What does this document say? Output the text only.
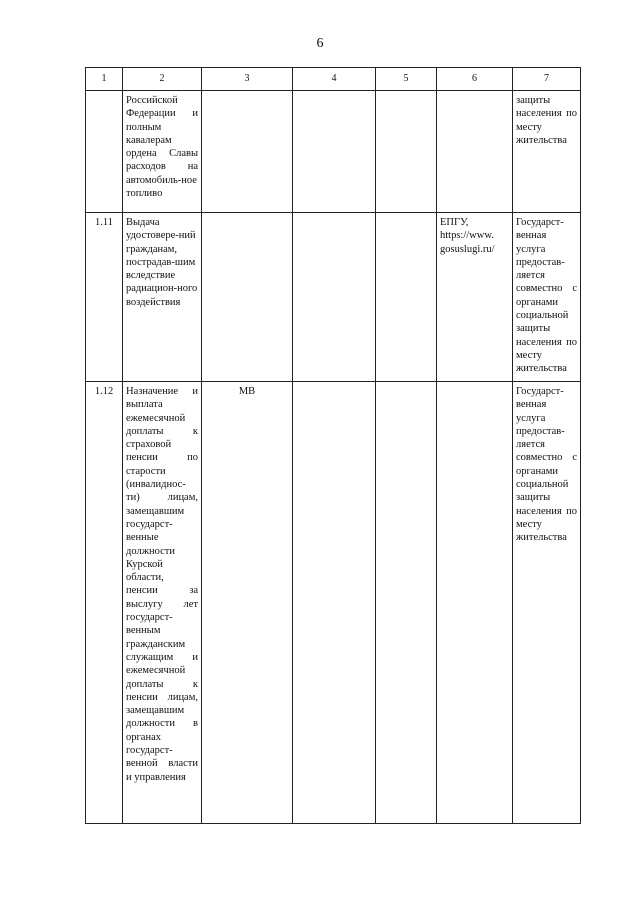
6
1	2	3	4	5	6	7
	Российской Федерации и полным кавалерам ордена Славы расходов на автомобиль-ное топливо					защиты населения по месту жительства
1.11	Выдача удостовере-ний гражданам, пострадав-шим вследствие радиацион-ного воздействия				ЕПГУ, https://www. gosuslugi.ru/	Государст-венная услуга предостав-ляется совместно с органами социальной защиты населения по месту жительства
1.12	Назначение и выплата ежемесячной доплаты к страховой пенсии по старости (инвалиднос-ти) лицам, замещавшим государст-венные должности Курской области, пенсии за выслугу лет государст-венным гражданским служащим и ежемесячной доплаты к пенсии лицам, замещавшим должности в органах государст-венной власти и управления	МВ				Государст-венная услуга предостав-ляется совместно с органами социальной защиты населения по месту жительства
